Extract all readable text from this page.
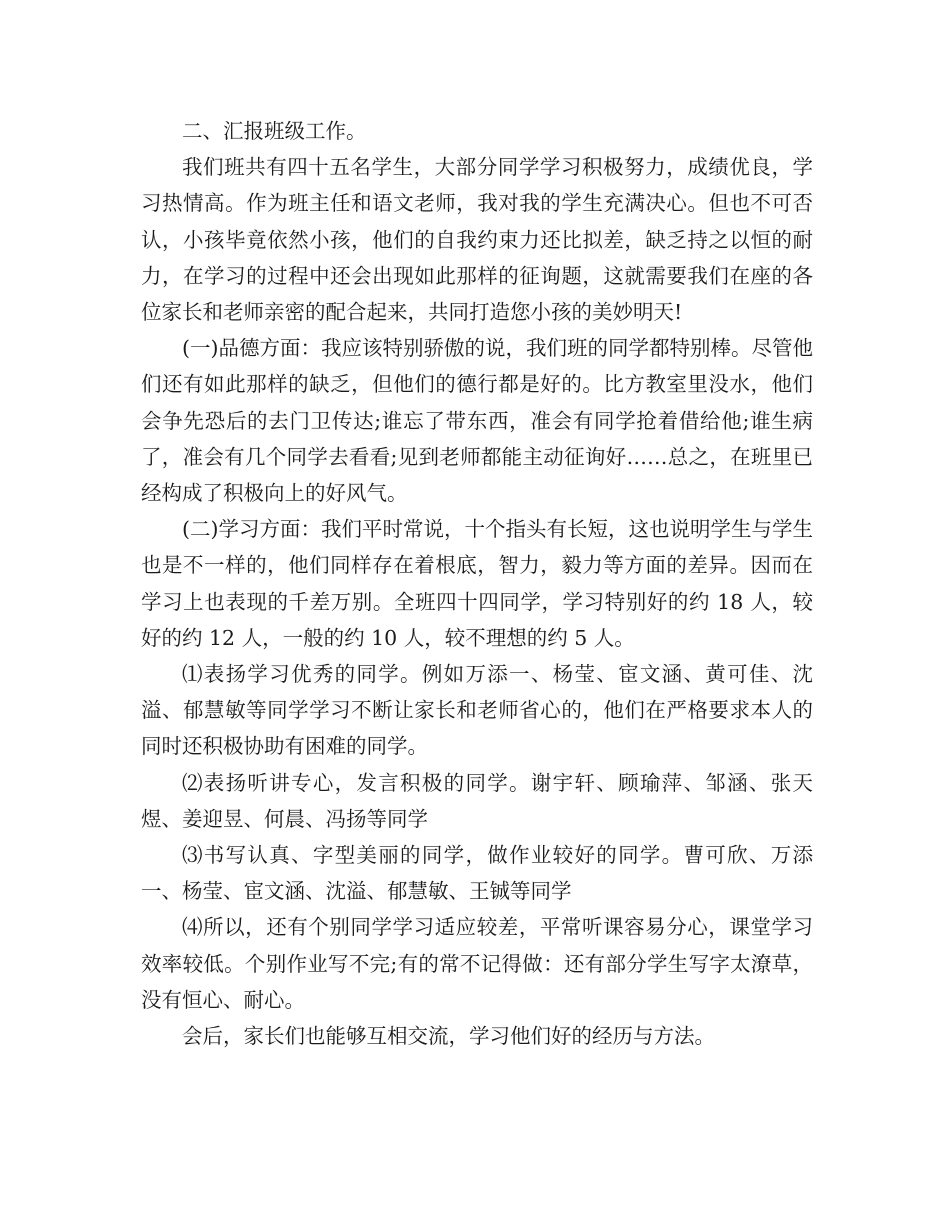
二、汇报班级工作。

我们班共有四十五名学生，大部分同学学习积极努力，成绩优良，学习热情高。作为班主任和语文老师，我对我的学生充满决心。但也不可否认，小孩毕竟依然小孩，他们的自我约束力还比拟差，缺乏持之以恒的耐力，在学习的过程中还会出现如此那样的征询题，这就需要我们在座的各位家长和老师亲密的配合起来，共同打造您小孩的美妙明天!

(一)品德方面：我应该特别骄傲的说，我们班的同学都特别棒。尽管他们还有如此那样的缺乏，但他们的德行都是好的。比方教室里没水，他们会争先恐后的去门卫传达;谁忘了带东西，准会有同学抢着借给他;谁生病了，准会有几个同学去看看;见到老师都能主动征询好……总之，在班里已经构成了积极向上的好风气。

(二)学习方面：我们平时常说，十个指头有长短，这也说明学生与学生也是不一样的，他们同样存在着根底，智力，毅力等方面的差异。因而在学习上也表现的千差万别。全班四十四同学，学习特别好的约 18 人，较好的约 12 人，一般的约 10 人，较不理想的约 5 人。

⑴表扬学习优秀的同学。例如万添一、杨莹、宦文涵、黄可佳、沈溢、郁慧敏等同学学习不断让家长和老师省心的，他们在严格要求本人的同时还积极协助有困难的同学。

⑵表扬听讲专心，发言积极的同学。谢宇轩、顾瑜萍、邹涵、张天煜、姜迎昱、何晨、冯扬等同学

⑶书写认真、字型美丽的同学，做作业较好的同学。曹可欣、万添一、杨莹、宦文涵、沈溢、郁慧敏、王铖等同学

⑷所以，还有个别同学学习适应较差，平常听课容易分心，课堂学习效率较低。个别作业写不完;有的常不记得做：还有部分学生写字太潦草，没有恒心、耐心。

会后，家长们也能够互相交流，学习他们好的经历与方法。
